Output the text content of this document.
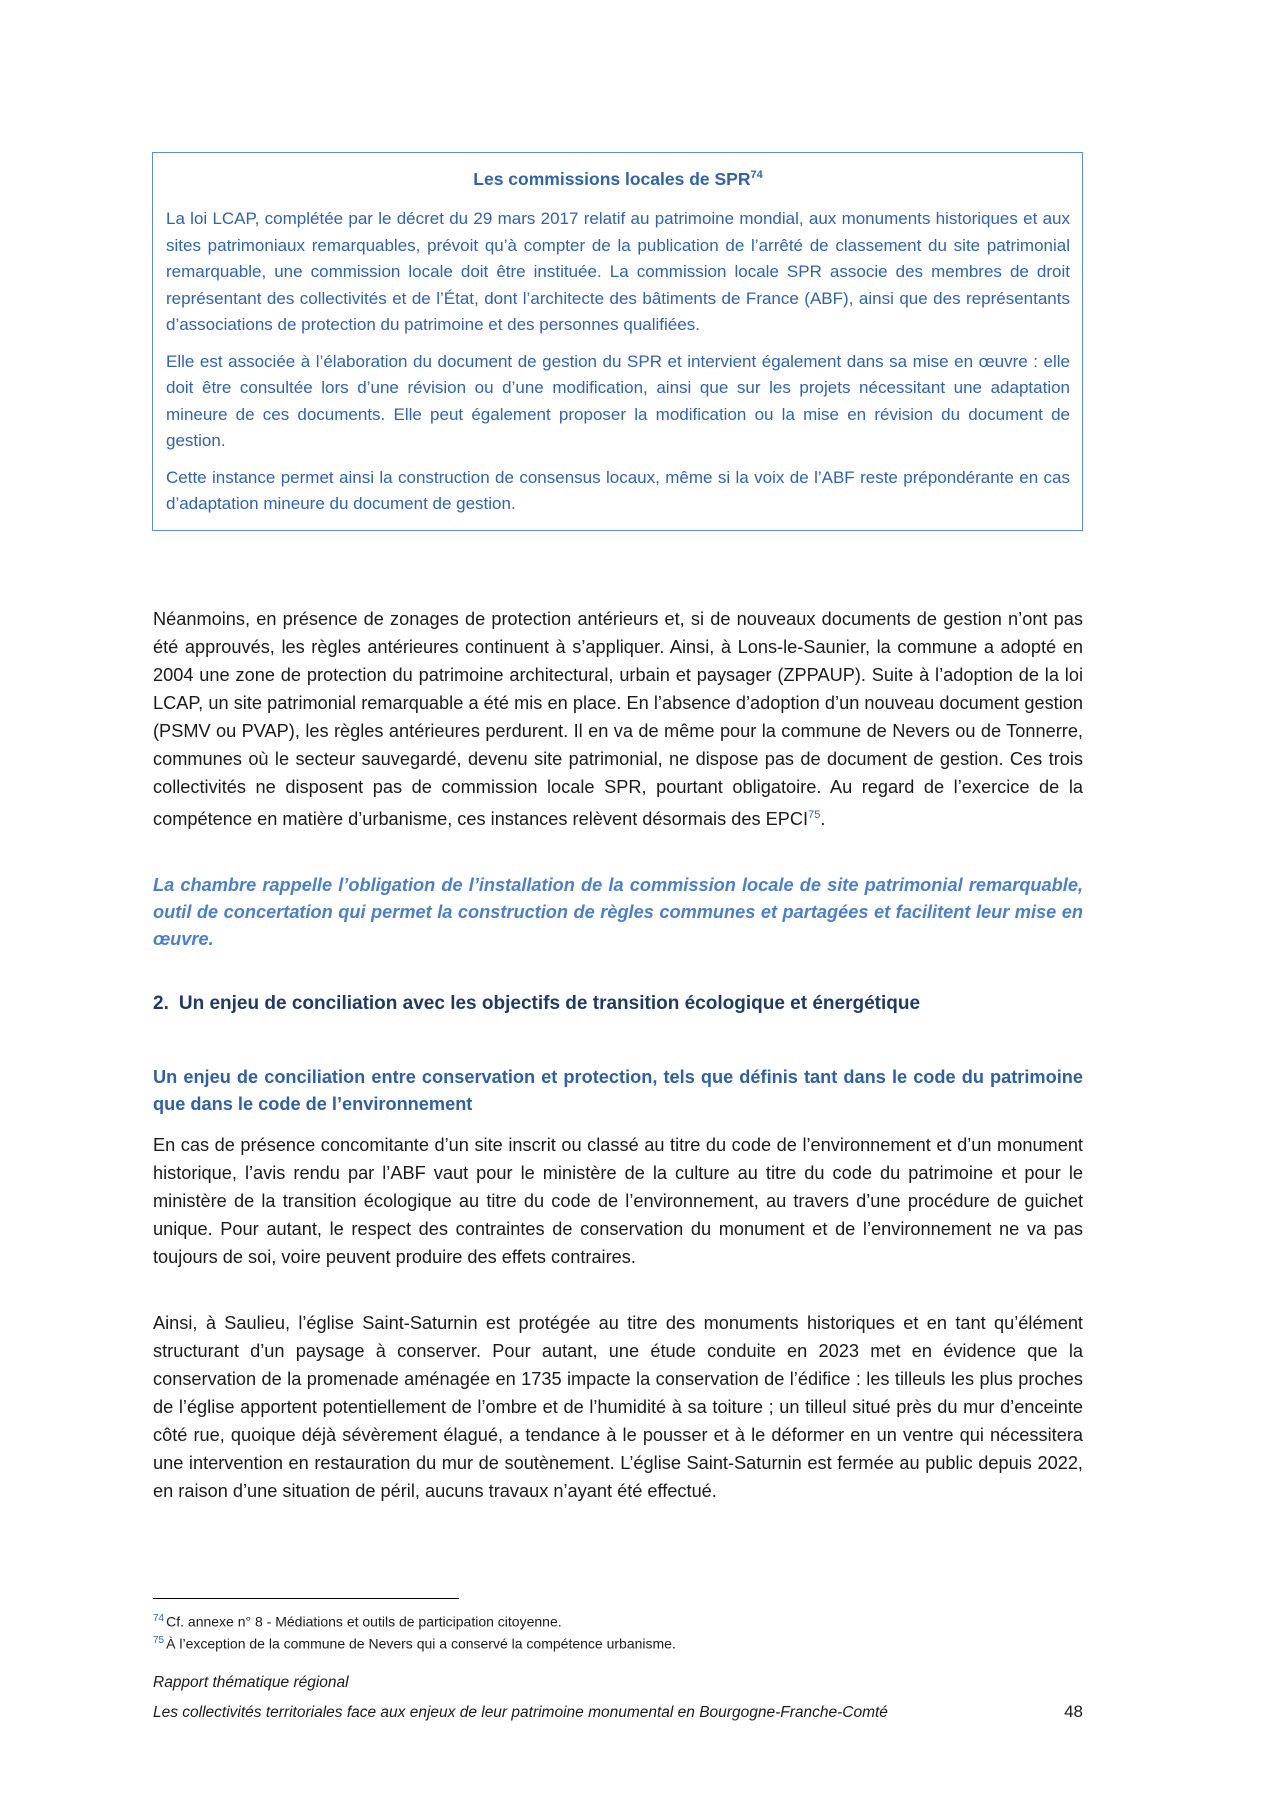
Les commissions locales de SPR$^{74}$

La loi LCAP, complétée par le décret du 29 mars 2017 relatif au patrimoine mondial, aux monuments historiques et aux sites patrimoniaux remarquables, prévoit qu’à compter de la publication de l’arrêté de classement du site patrimonial remarquable, une commission locale doit être instituée. La commission locale SPR associe des membres de droit représentant des collectivités et de l’État, dont l’architecte des bâtiments de France (ABF), ainsi que des représentants d’associations de protection du patrimoine et des personnes qualifiées.

Elle est associée à l’élaboration du document de gestion du SPR et intervient également dans sa mise en œuvre : elle doit être consultée lors d’une révision ou d’une modification, ainsi que sur les projets nécessitant une adaptation mineure de ces documents. Elle peut également proposer la modification ou la mise en révision du document de gestion.

Cette instance permet ainsi la construction de consensus locaux, même si la voix de l’ABF reste prépondérante en cas d’adaptation mineure du document de gestion.

Néanmoins, en présence de zonages de protection antérieurs et, si de nouveaux documents de gestion n’ont pas été approuvés, les règles antérieures continuent à s’appliquer. Ainsi, à Lons-le-Saunier, la commune a adopté en 2004 une zone de protection du patrimoine architectural, urbain et paysager (ZPPAUP). Suite à l’adoption de la loi LCAP, un site patrimonial remarquable a été mis en place. En l’absence d’adoption d’un nouveau document gestion (PSMV ou PVAP), les règles antérieures perdurent. Il en va de même pour la commune de Nevers ou de Tonnerre, communes où le secteur sauvegardé, devenu site patrimonial, ne dispose pas de document de gestion. Ces trois collectivités ne disposent pas de commission locale SPR, pourtant obligatoire. Au regard de l’exercice de la compétence en matière d’urbanisme, ces instances relèvent désormais des EPCI$^{75}$.

La chambre rappelle l’obligation de l’installation de la commission locale de site patrimonial remarquable, outil de concertation qui permet la construction de règles communes et partagées et facilitent leur mise en œuvre.

2. Un enjeu de conciliation avec les objectifs de transition écologique et énergétique
Un enjeu de conciliation entre conservation et protection, tels que définis tant dans le code du patrimoine que dans le code de l’environnement

En cas de présence concomitante d’un site inscrit ou classé au titre du code de l’environnement et d’un monument historique, l’avis rendu par l’ABF vaut pour le ministère de la culture au titre du code du patrimoine et pour le ministère de la transition écologique au titre du code de l’environnement, au travers d’une procédure de guichet unique. Pour autant, le respect des contraintes de conservation du monument et de l’environnement ne va pas toujours de soi, voire peuvent produire des effets contraires.

Ainsi, à Saulieu, l’église Saint-Saturnin est protégée au titre des monuments historiques et en tant qu’élément structurant d’un paysage à conserver. Pour autant, une étude conduite en 2023 met en évidence que la conservation de la promenade aménagée en 1735 impacte la conservation de l’édifice : les tilleuls les plus proches de l’église apportent potentiellement de l’ombre et de l’humidité à sa toiture ; un tilleul situé près du mur d’enceinte côté rue, quoique déjà sévèrement élagué, a tendance à le pousser et à le déformer en un ventre qui nécessitera une intervention en restauration du mur de soutènement. L’église Saint-Saturnin est fermée au public depuis 2022, en raison d’une situation de péril, aucuns travaux n’ayant été effectué.

$^{74}$ Cf. annexe n° 8 - Médiations et outils de participation citoyenne.

$^{75}$ À l’exception de la commune de Nevers qui a conservé la compétence urbanisme.

Rapport thématique régional

Les collectivités territoriales face aux enjeux de leur patrimoine monumental en Bourgogne-Franche-Comté	48
